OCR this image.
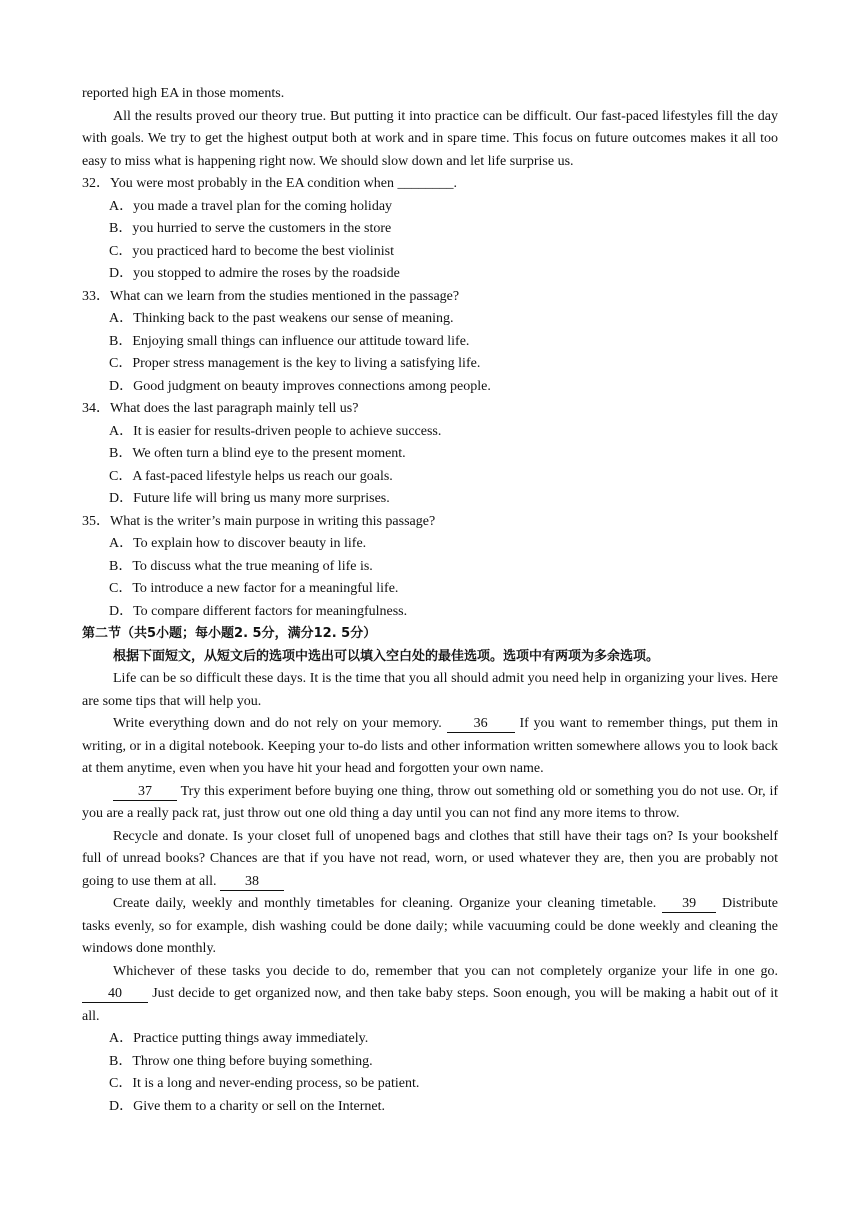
reported high EA in those moments.

All the results proved our theory true. But putting it into practice can be difficult. Our fast-paced lifestyles fill the day with goals. We try to get the highest output both at work and in spare time. This focus on future outcomes makes it all too easy to miss what is happening right now. We should slow down and let life surprise us.

32．You were most probably in the EA condition when ________.

A．you made a travel plan for the coming holiday

B．you hurried to serve the customers in the store

C．you practiced hard to become the best violinist

D．you stopped to admire the roses by the roadside

33．What can we learn from the studies mentioned in the passage?

A．Thinking back to the past weakens our sense of meaning.

B．Enjoying small things can influence our attitude toward life.

C．Proper stress management is the key to living a satisfying life.

D．Good judgment on beauty improves connections among people.

34．What does the last paragraph mainly tell us?

A．It is easier for results-driven people to achieve success.

B．We often turn a blind eye to the present moment.

C．A fast-paced lifestyle helps us reach our goals.

D．Future life will bring us many more surprises.

35．What is the writer’s main purpose in writing this passage?

A．To explain how to discover beauty in life.

B．To discuss what the true meaning of life is.

C．To introduce a new factor for a meaningful life.

D．To compare different factors for meaningfulness.

第二节（共5小题；每小题2. 5分，满分12. 5分）

根据下面短文，从短文后的选项中选出可以填入空白处的最佳选项。选项中有两项为多余选项。

Life can be so difficult these days. It is the time that you all should admit you need help in organizing your lives. Here are some tips that will help you.

Write everything down and do not rely on your memory. 36 If you want to remember things, put them in writing, or in a digital notebook. Keeping your to-do lists and other information written somewhere allows you to look back at them anytime, even when you have hit your head and forgotten your own name.

37 Try this experiment before buying one thing, throw out something old or something you do not use. Or, if you are a really pack rat, just throw out one old thing a day until you can not find any more items to throw.

Recycle and donate. Is your closet full of unopened bags and clothes that still have their tags on? Is your bookshelf full of unread books? Chances are that if you have not read, worn, or used whatever they are, then you are probably not going to use them at all. 38

Create daily, weekly and monthly timetables for cleaning. Organize your cleaning timetable. 39 Distribute tasks evenly, so for example, dish washing could be done daily; while vacuuming could be done weekly and cleaning the windows done monthly.

Whichever of these tasks you decide to do, remember that you can not completely organize your life in one go. 40 Just decide to get organized now, and then take baby steps. Soon enough, you will be making a habit out of it all.

A．Practice putting things away immediately.

B．Throw one thing before buying something.

C．It is a long and never-ending process, so be patient.

D．Give them to a charity or sell on the Internet.
